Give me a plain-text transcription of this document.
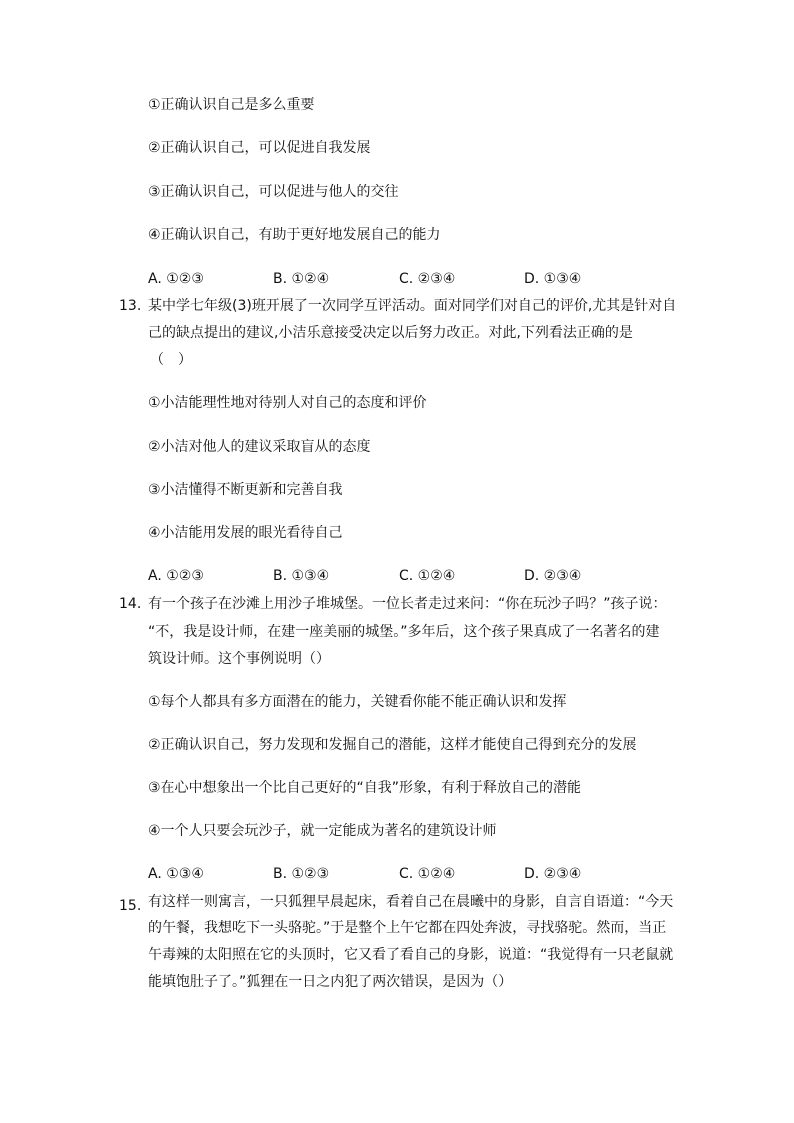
①正确认识自己是多么重要
②正确认识自己，可以促进自我发展
③正确认识自己，可以促进与他人的交往
④正确认识自己，有助于更好地发展自己的能力
A. ①②③	B. ①②④	C. ②③④	D. ①③④
13. 某中学七年级(3)班开展了一次同学互评活动。面对同学们对自己的评价,尤其是针对自
己的缺点提出的建议,小洁乐意接受决定以后努力改正。对此,下列看法正确的是
（　）
①小洁能理性地对待别人对自己的态度和评价
②小洁对他人的建议采取盲从的态度
③小洁懂得不断更新和完善自我
④小洁能用发展的眼光看待自己
A. ①②③	B. ①③④	C. ①②④	D. ②③④
14. 有一个孩子在沙滩上用沙子堆城堡。一位长者走过来问：“你在玩沙子吗？”孩子说：
“不，我是设计师，在建一座美丽的城堡。”多年后，这个孩子果真成了一名著名的建
筑设计师。这个事例说明（）
①每个人都具有多方面潜在的能力，关键看你能不能正确认识和发挥
②正确认识自己，努力发现和发掘自己的潜能，这样才能使自己得到充分的发展
③在心中想象出一个比自己更好的“自我”形象，有利于释放自己的潜能
④一个人只要会玩沙子，就一定能成为著名的建筑设计师
A. ①③④	B. ①②③	C. ①②④	D. ②③④
15. 有这样一则寓言，一只狐狸早晨起床，看着自己在晨曦中的身影，自言自语道：“今天
的午餐，我想吃下一头骆驼。”于是整个上午它都在四处奔波，寻找骆驼。然而，当正
午毒辣的太阳照在它的头顶时，它又看了看自己的身影，说道：“我觉得有一只老鼠就
能填饱肚子了。”狐狸在一日之内犯了两次错误，是因为（）
